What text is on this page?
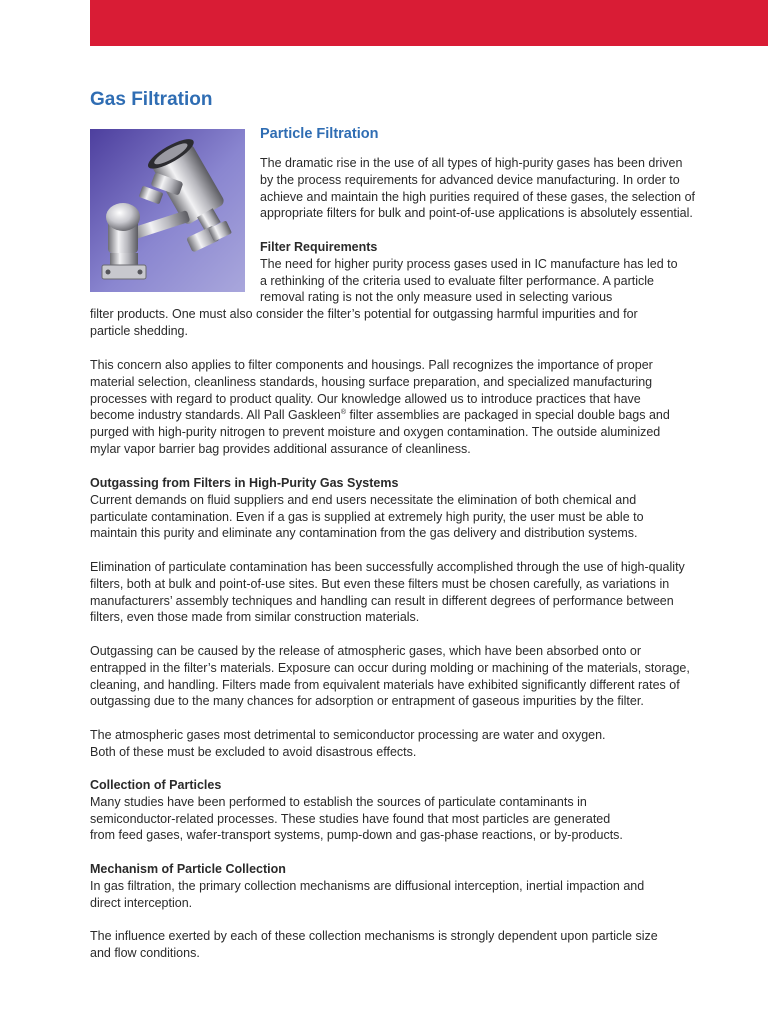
Gas Filtration
Particle Filtration

The dramatic rise in the use of all types of high-purity gases has been driven
by the process requirements for advanced device manufacturing. In order to
achieve and maintain the high purities required of these gases, the selection of
appropriate filters for bulk and point-of-use applications is absolutely essential.

Filter Requirements
The need for higher purity process gases used in IC manufacture has led to
a rethinking of the criteria used to evaluate filter performance. A particle
removal rating is not the only measure used in selecting various

filter products. One must also consider the filter’s potential for outgassing harmful impurities and for
particle shedding.

This concern also applies to filter components and housings. Pall recognizes the importance of proper
material selection, cleanliness standards, housing surface preparation, and specialized manufacturing
processes with regard to product quality. Our knowledge allowed us to introduce practices that have
become industry standards. All Pall Gaskleen® filter assemblies are packaged in special double bags and
purged with high-purity nitrogen to prevent moisture and oxygen contamination. The outside aluminized
mylar vapor barrier bag provides additional assurance of cleanliness.

Outgassing from Filters in High-Purity Gas Systems
Current demands on fluid suppliers and end users necessitate the elimination of both chemical and
particulate contamination. Even if a gas is supplied at extremely high purity, the user must be able to
maintain this purity and eliminate any contamination from the gas delivery and distribution systems.

Elimination of particulate contamination has been successfully accomplished through the use of high-quality
filters, both at bulk and point-of-use sites. But even these filters must be chosen carefully, as variations in
manufacturers’ assembly techniques and handling can result in different degrees of performance between
filters, even those made from similar construction materials.

Outgassing can be caused by the release of atmospheric gases, which have been absorbed onto or
entrapped in the filter’s materials. Exposure can occur during molding or machining of the materials, storage,
cleaning, and handling. Filters made from equivalent materials have exhibited significantly different rates of
outgassing due to the many chances for adsorption or entrapment of gaseous impurities by the filter.

The atmospheric gases most detrimental to semiconductor processing are water and oxygen.
Both of these must be excluded to avoid disastrous effects.

Collection of Particles
Many studies have been performed to establish the sources of particulate contaminants in
semiconductor-related processes. These studies have found that most particles are generated
from feed gases, wafer-transport systems, pump-down and gas-phase reactions, or by-products.

Mechanism of Particle Collection
In gas filtration, the primary collection mechanisms are diffusional interception, inertial impaction and
direct interception.

The influence exerted by each of these collection mechanisms is strongly dependent upon particle size
and flow conditions.
